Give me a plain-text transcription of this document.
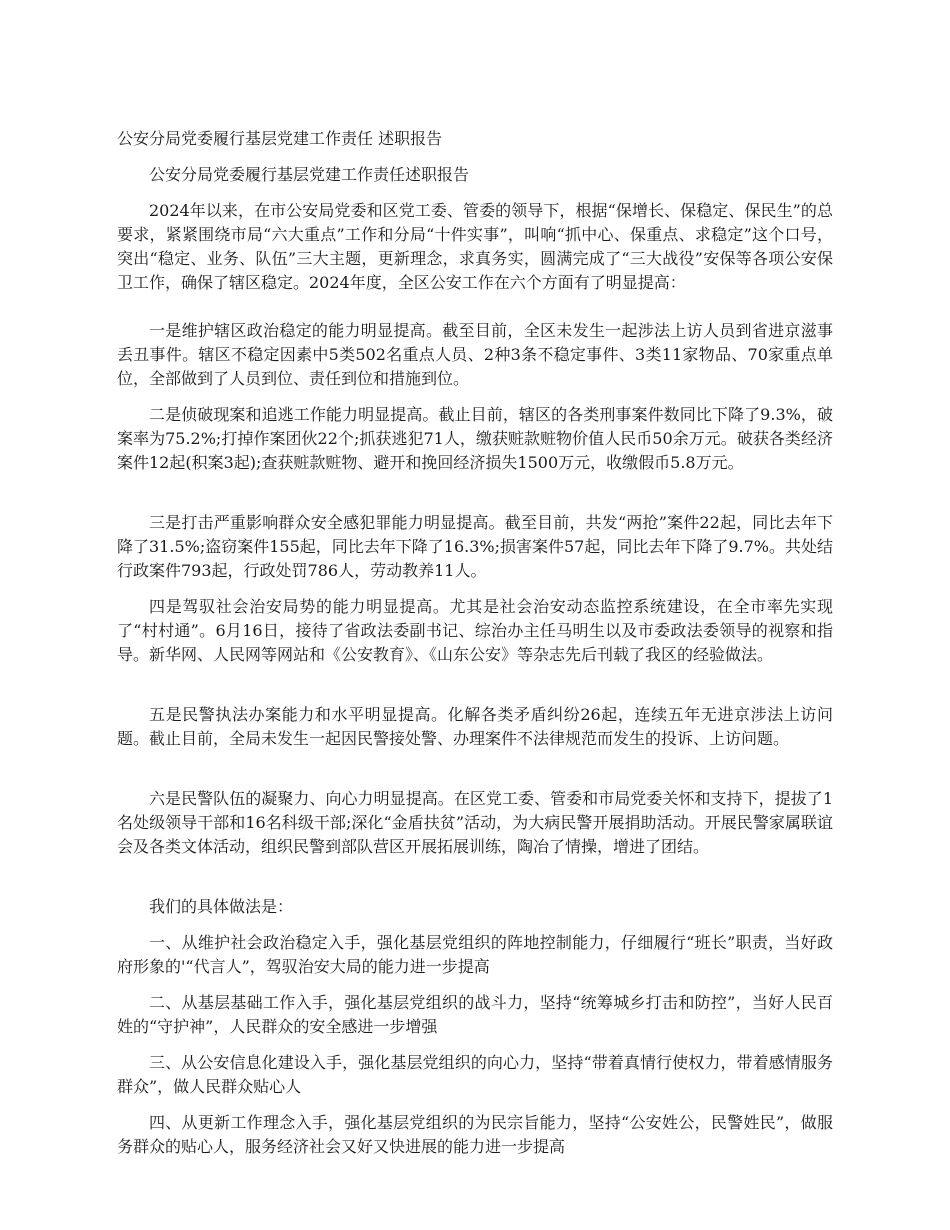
公安分局党委履行基层党建工作责任 述职报告

公安分局党委履行基层党建工作责任述职报告

2024年以来，在市公安局党委和区党工委、管委的领导下，根据“保增长、保稳定、保民生”的总要求，紧紧围绕市局“六大重点”工作和分局“十件实事”，叫响“抓中心、保重点、求稳定”这个口号，突出“稳定、业务、队伍”三大主题，更新理念，求真务实，圆满完成了“三大战役”安保等各项公安保卫工作，确保了辖区稳定。2024年度，全区公安工作在六个方面有了明显提高：

一是维护辖区政治稳定的能力明显提高。截至目前，全区未发生一起涉法上访人员到省进京滋事丢丑事件。辖区不稳定因素中5类502名重点人员、2种3条不稳定事件、3类11家物品、70家重点单位，全部做到了人员到位、责任到位和措施到位。

二是侦破现案和追逃工作能力明显提高。截止目前，辖区的各类刑事案件数同比下降了9.3%，破案率为75.2%;打掉作案团伙22个;抓获逃犯71人，缴获赃款赃物价值人民币50余万元。破获各类经济案件12起(积案3起);查获赃款赃物、避开和挽回经济损失1500万元，收缴假币5.8万元。

三是打击严重影响群众安全感犯罪能力明显提高。截至目前，共发“两抢”案件22起，同比去年下降了31.5%;盗窃案件155起，同比去年下降了16.3%;损害案件57起，同比去年下降了9.7%。共处结行政案件793起，行政处罚786人，劳动教养11人。

四是驾驭社会治安局势的能力明显提高。尤其是社会治安动态监控系统建设，在全市率先实现了“村村通”。6月16日，接待了省政法委副书记、综治办主任马明生以及市委政法委领导的视察和指导。新华网、人民网等网站和《公安教育》、《山东公安》等杂志先后刊载了我区的经验做法。

五是民警执法办案能力和水平明显提高。化解各类矛盾纠纷26起，连续五年无进京涉法上访问题。截止目前，全局未发生一起因民警接处警、办理案件不法律规范而发生的投诉、上访问题。

六是民警队伍的凝聚力、向心力明显提高。在区党工委、管委和市局党委关怀和支持下，提拔了1名处级领导干部和16名科级干部;深化“金盾扶贫”活动，为大病民警开展捐助活动。开展民警家属联谊会及各类文体活动，组织民警到部队营区开展拓展训练，陶冶了情操，增进了团结。

我们的具体做法是：

一、从维护社会政治稳定入手，强化基层党组织的阵地控制能力，仔细履行“班长”职责，当好政府形象的'“代言人”，驾驭治安大局的能力进一步提高

二、从基层基础工作入手，强化基层党组织的战斗力，坚持“统筹城乡打击和防控”，当好人民百姓的“守护神”，人民群众的安全感进一步增强

三、从公安信息化建设入手，强化基层党组织的向心力，坚持“带着真情行使权力，带着感情服务群众”，做人民群众贴心人

四、从更新工作理念入手，强化基层党组织的为民宗旨能力，坚持“公安姓公，民警姓民”，做服务群众的贴心人，服务经济社会又好又快进展的能力进一步提高
